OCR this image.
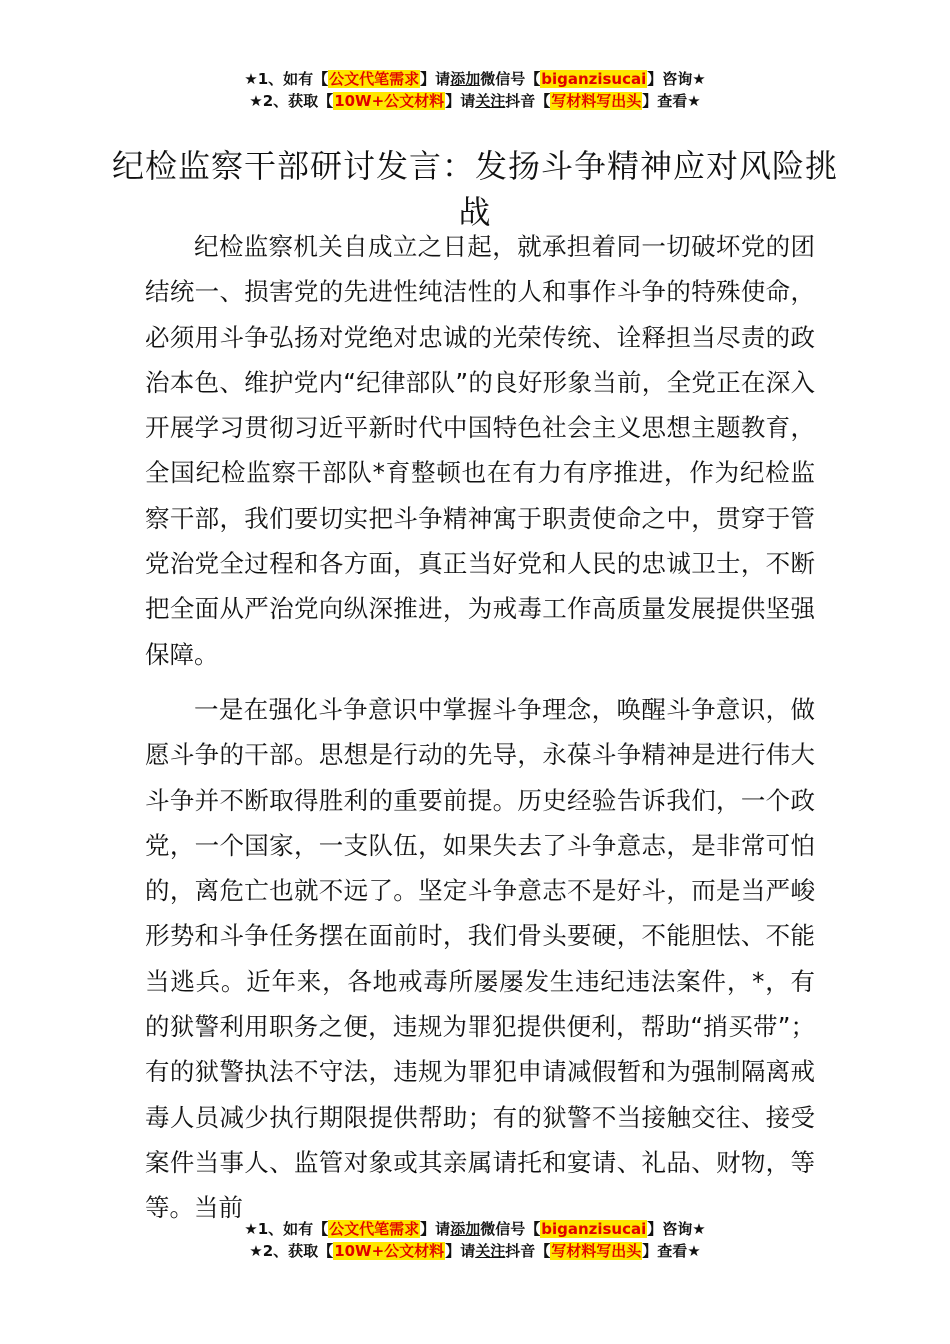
★1、如有【公文代笔需求】请添加微信号【biganzisucai】咨询★
★2、获取【10W+公文材料】请关注抖音【写材料写出头】查看★
纪检监察干部研讨发言：发扬斗争精神应对风险挑战

纪检监察机关自成立之日起，就承担着同一切破坏党的团结统一、损害党的先进性纯洁性的人和事作斗争的特殊使命，必须用斗争弘扬对党绝对忠诚的光荣传统、诠释担当尽责的政治本色、维护党内“纪律部队”的良好形象当前，全党正在深入开展学习贯彻习近平新时代中国特色社会主义思想主题教育，全国纪检监察干部队*育整顿也在有力有序推进，作为纪检监察干部，我们要切实把斗争精神寓于职责使命之中，贯穿于管党治党全过程和各方面，真正当好党和人民的忠诚卫士，不断把全面从严治党向纵深推进，为戒毒工作高质量发展提供坚强保障。

一是在强化斗争意识中掌握斗争理念，唤醒斗争意识，做愿斗争的干部。思想是行动的先导，永葆斗争精神是进行伟大斗争并不断取得胜利的重要前提。历史经验告诉我们，一个政党，一个国家，一支队伍，如果失去了斗争意志，是非常可怕的，离危亡也就不远了。坚定斗争意志不是好斗，而是当严峻形势和斗争任务摆在面前时，我们骨头要硬，不能胆怯、不能当逃兵。近年来，各地戒毒所屡屡发生违纪违法案件，*，有的狱警利用职务之便，违规为罪犯提供便利，帮助“捎买带”；有的狱警执法不守法，违规为罪犯申请减假暂和为强制隔离戒毒人员减少执行期限提供帮助；有的狱警不当接触交往、接受案件当事人、监管对象或其亲属请托和宴请、礼品、财物，等等。当前

★1、如有【公文代笔需求】请添加微信号【biganzisucai】咨询★
★2、获取【10W+公文材料】请关注抖音【写材料写出头】查看★
